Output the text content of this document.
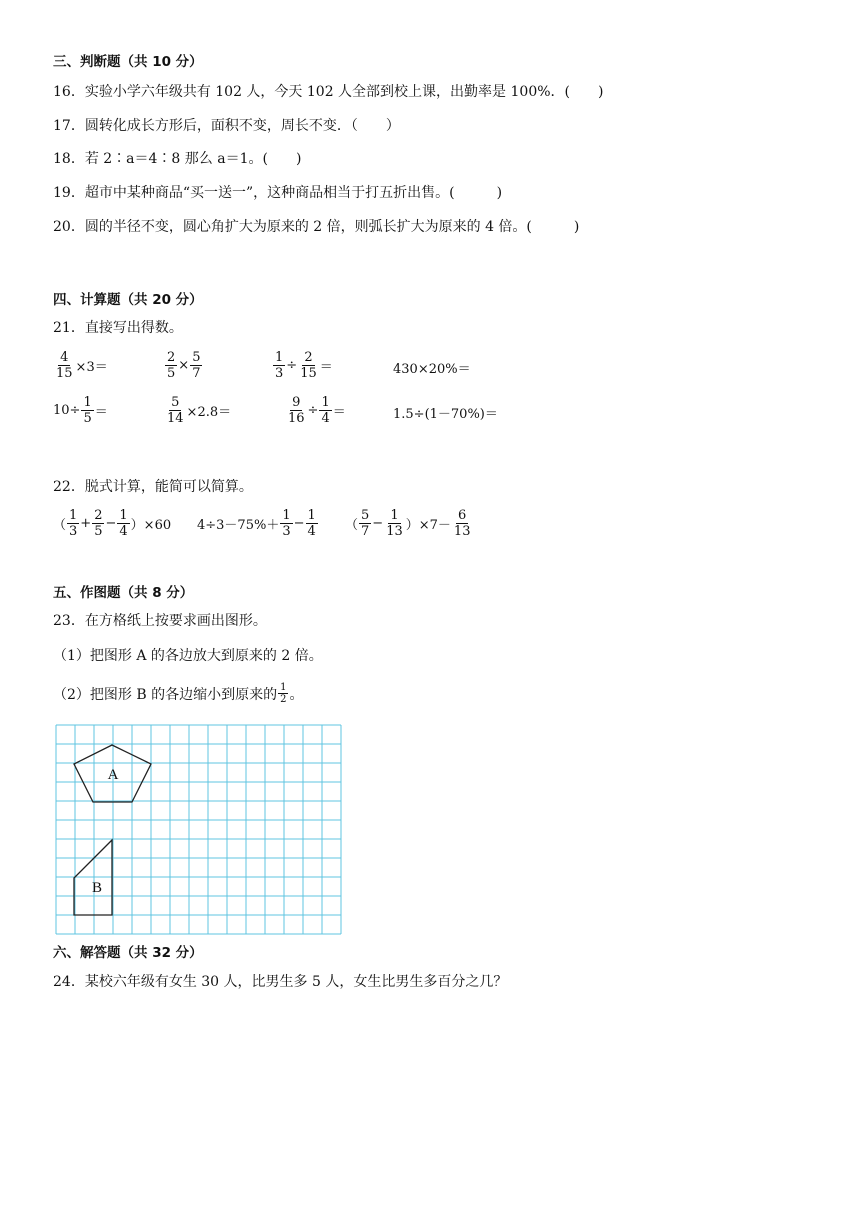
三、判断题（共 10 分）
16．实验小学六年级共有 102 人，今天 102 人全部到校上课，出勤率是 100%．(　　)
17．圆转化成长方形后，面积不变，周长不变．（　　）
18．若 2∶a＝4∶8 那么 a＝1。(　　)
19．超市中某种商品“买一送一”，这种商品相当于打五折出售。(　　　)
20．圆的半径不变，圆心角扩大为原来的 2 倍，则弧长扩大为原来的 4 倍。(　　　)
四、计算题（共 20 分）
21．直接写出得数。
$\frac{4}{15} \times 3=$	$\frac{2}{5} \times \frac{5}{7}$	$\frac{1}{3} \div \frac{2}{15}$ ＝	430×20%＝
$10\div \frac{1}{5}$ ＝	$\frac{5}{14} \times 2.8=$	$\frac{9}{16} \div \frac{1}{4}$ ＝	1.5÷(1－70%)＝
22．脱式计算，能简可以简算。
（
1
3
+ $\frac{2}{5} - \frac{1}{4} )\times 60$ 4÷3－75%＋
1
3
− $\frac{1}{4}$ （
5
7
− $\frac{1}{13} )\times 7-$
6
13
五、作图题（共 8 分）
23．在方格纸上按要求画出图形。
（1）把图形 A 的各边放大到原来的 2 倍。
（2）把图形 B 的各边缩小到原来的 1
2 。
A
B
六、解答题（共 32 分）
24．某校六年级有女生 30 人，比男生多 5 人，女生比男生多百分之几？
